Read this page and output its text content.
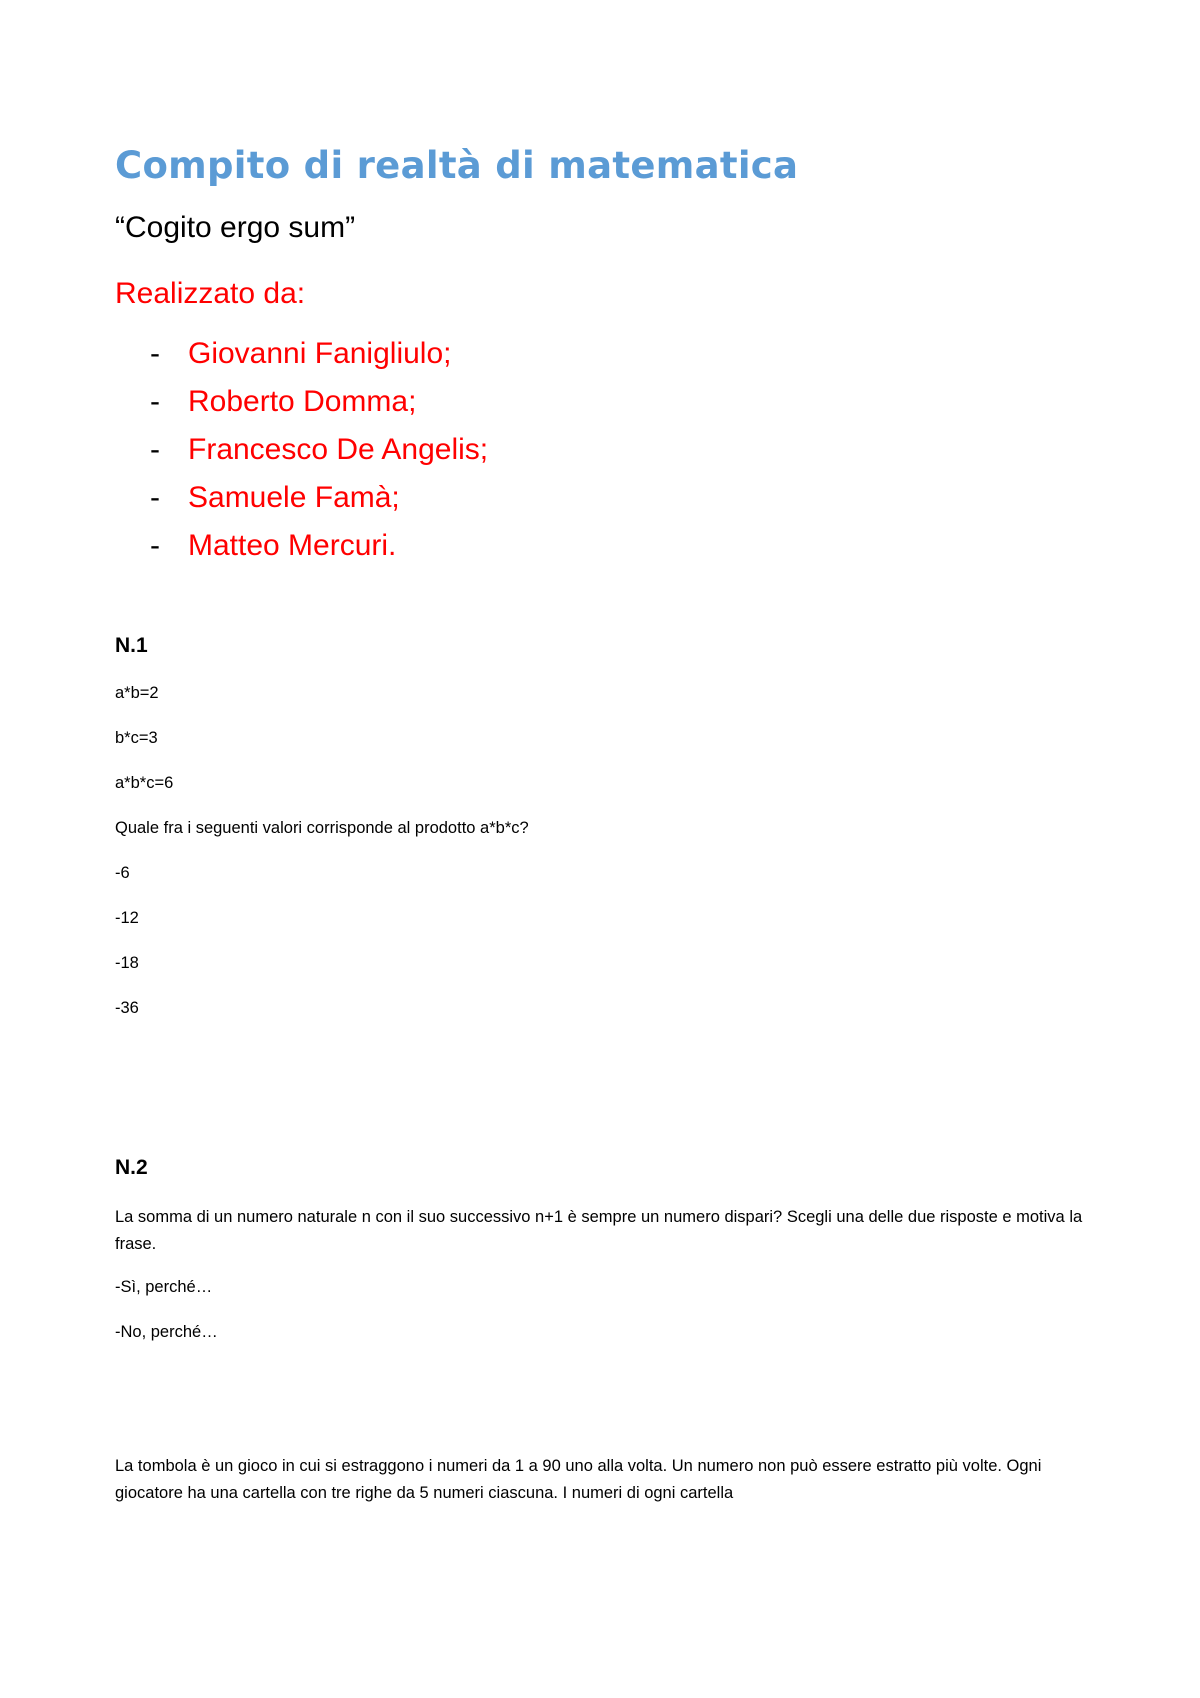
Compito di realtà di matematica

“Cogito ergo sum”

Realizzato da:

- Giovanni Fanigliulo;
- Roberto Domma;
- Francesco De Angelis;
- Samuele Famà;
- Matteo Mercuri.

N.1

a*b=2

b*c=3

a*b*c=6

Quale fra i seguenti valori corrisponde al prodotto a*b*c?

-6

-12

-18

-36

N.2

La somma di un numero naturale n con il suo successivo n+1 è sempre un numero dispari? Scegli una delle due risposte e motiva la frase.

-Sì, perché…

-No, perché…

La tombola è un gioco in cui si estraggono i numeri da 1 a 90 uno alla volta. Un numero non può essere estratto più volte. Ogni giocatore ha una cartella con tre righe da 5 numeri ciascuna. I numeri di ogni cartella
